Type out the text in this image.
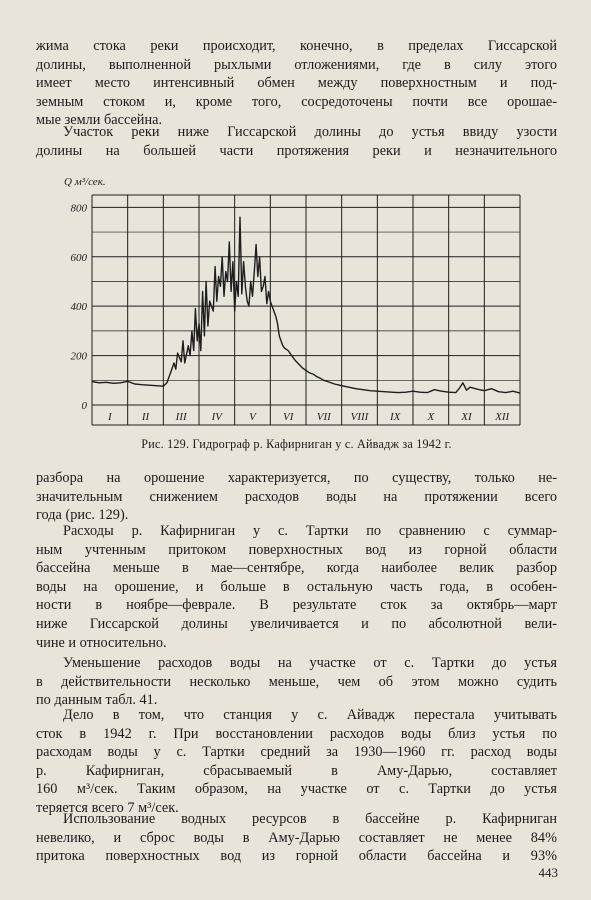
жима стока реки происходит, конечно, в пределах Гиссарской
долины, выполненной рыхлыми отложениями, где в силу этого
имеет место интенсивный обмен между поверхностным и под-
земным стоком и, кроме того, сосредоточены почти все орошае-
мые земли бассейна.

Участок реки ниже Гиссарской долины до устья ввиду узости
долины на большей части протяжения реки и незначительного

Q м³/сек.
0
200
400
600
800
I	II III IV V VI VII VIII IX X XI XII
Рис. 129. Гидрограф р. Кафирниган у с. Айвадж за 1942 г.

разбора на орошение характеризуется, по существу, только не-
значительным снижением расходов воды на протяжении всего
года (рис. 129).

Расходы р. Кафирниган у с. Тартки по сравнению с суммар-
ным учтенным притоком поверхностных вод из горной области
бассейна меньше в мае—сентябре, когда наиболее велик разбор
воды на орошение, и больше в остальную часть года, в особен-
ности в ноябре—феврале. В результате сток за октябрь—март
ниже Гиссарской долины увеличивается и по абсолютной вели-
чине и относительно.

Уменьшение расходов воды на участке от с. Тартки до устья
в действительности несколько меньше, чем об этом можно судить
по данным табл. 41.

Дело в том, что станция у с. Айвадж перестала учитывать
сток в 1942 г. При восстановлении расходов воды близ устья по
расходам воды у с. Тартки средний за 1930—1960 гг. расход воды
р. Кафирниган, сбрасываемый в Аму-Дарью, составляет
160 м³/сек. Таким образом, на участке от с. Тартки до устья
теряется всего 7 м³/сек.

Использование водных ресурсов в бассейне р. Кафирниган
невелико, и сброс воды в Аму-Дарью составляет не менее 84%
притока поверхностных вод из горной области бассейна и 93%

443
